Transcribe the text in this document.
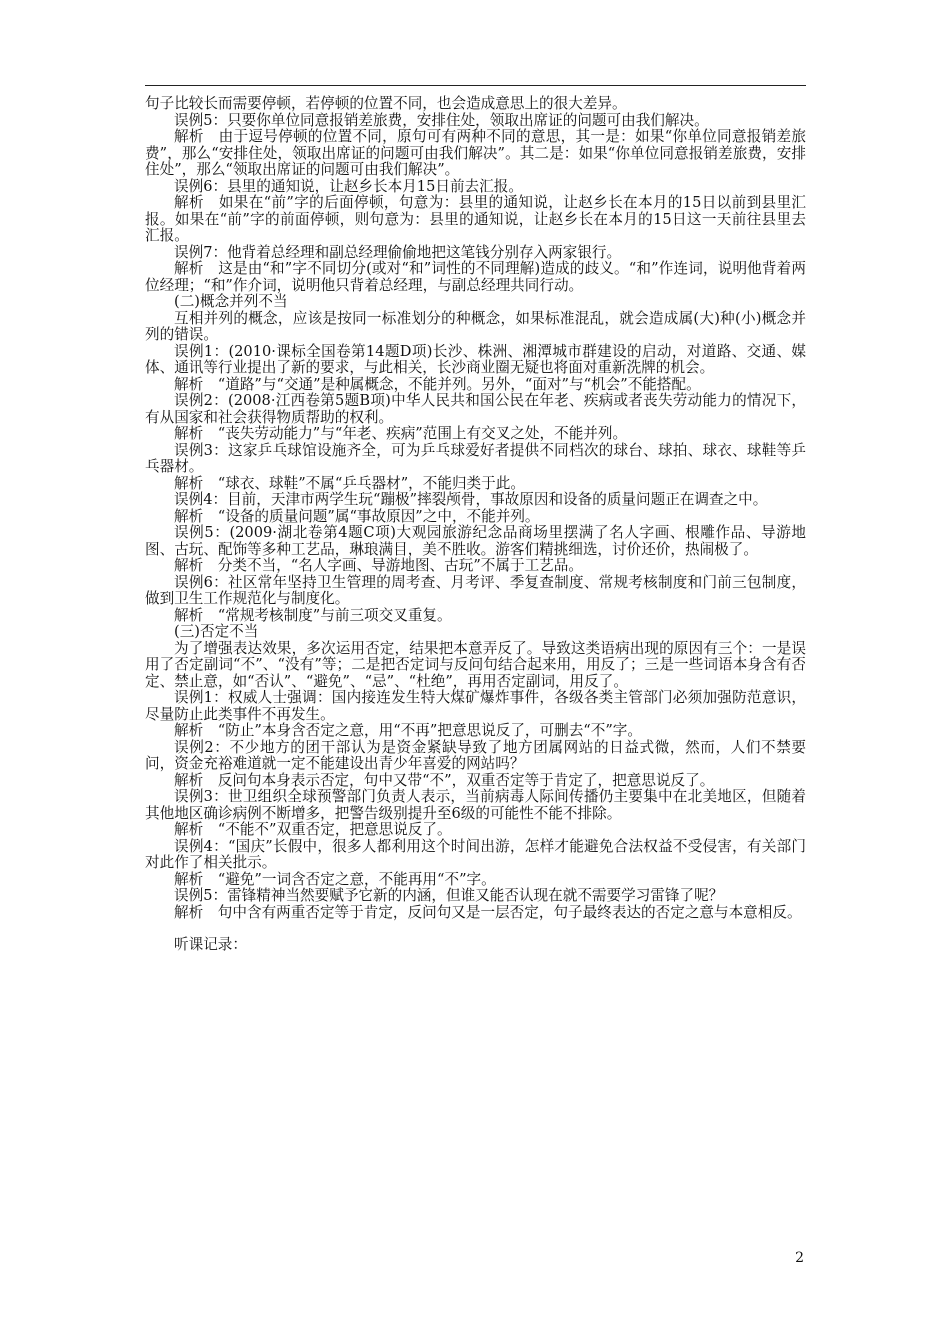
句子比较长而需要停顿，若停顿的位置不同，也会造成意思上的很大差异。

误例5：只要你单位同意报销差旅费，安排住处，领取出席证的问题可由我们解决。

解析　由于逗号停顿的位置不同，原句可有两种不同的意思，其一是：如果“你单位同意报销差旅费”，那么“安排住处，领取出席证的问题可由我们解决”。其二是：如果“你单位同意报销差旅费，安排住处”，那么“领取出席证的问题可由我们解决”。

误例6：县里的通知说，让赵乡长本月15日前去汇报。

解析　如果在“前”字的后面停顿，句意为：县里的通知说，让赵乡长在本月的15日以前到县里汇报。如果在“前”字的前面停顿，则句意为：县里的通知说，让赵乡长在本月的15日这一天前往县里去汇报。

误例7：他背着总经理和副总经理偷偷地把这笔钱分别存入两家银行。

解析　这是由“和”字不同切分(或对“和”词性的不同理解)造成的歧义。“和”作连词，说明他背着两位经理；“和”作介词，说明他只背着总经理，与副总经理共同行动。

(二)概念并列不当

互相并列的概念，应该是按同一标准划分的种概念，如果标准混乱，就会造成属(大)种(小)概念并列的错误。

误例1：(2010·课标全国卷第14题D项)长沙、株洲、湘潭城市群建设的启动，对道路、交通、媒体、通讯等行业提出了新的要求，与此相关，长沙商业圈无疑也将面对重新洗牌的机会。

解析　“道路”与“交通”是种属概念，不能并列。另外，“面对”与“机会”不能搭配。

误例2：(2008·江西卷第5题B项)中华人民共和国公民在年老、疾病或者丧失劳动能力的情况下，有从国家和社会获得物质帮助的权利。

解析　“丧失劳动能力”与“年老、疾病”范围上有交叉之处，不能并列。

误例3：这家乒乓球馆设施齐全，可为乒乓球爱好者提供不同档次的球台、球拍、球衣、球鞋等乒乓器材。

解析　“球衣、球鞋”不属“乒乓器材”，不能归类于此。

误例4：目前，天津市两学生玩“蹦极”摔裂颅骨，事故原因和设备的质量问题正在调查之中。

解析　“设备的质量问题”属“事故原因”之中，不能并列。

误例5：(2009·湖北卷第4题C项)大观园旅游纪念品商场里摆满了名人字画、根雕作品、导游地图、古玩、配饰等多种工艺品，琳琅满目，美不胜收。游客们精挑细选，讨价还价，热闹极了。

解析　分类不当，“名人字画、导游地图、古玩”不属于工艺品。

误例6：社区常年坚持卫生管理的周考查、月考评、季复查制度、常规考核制度和门前三包制度，做到卫生工作规范化与制度化。

解析　“常规考核制度”与前三项交叉重复。

(三)否定不当

为了增强表达效果，多次运用否定，结果把本意弄反了。导致这类语病出现的原因有三个：一是误用了否定副词“不”、“没有”等；二是把否定词与反问句结合起来用，用反了；三是一些词语本身含有否定、禁止意，如“否认”、“避免”、“忌”、“杜绝”，再用否定副词，用反了。

误例1：权威人士强调：国内接连发生特大煤矿爆炸事件，各级各类主管部门必须加强防范意识，尽量防止此类事件不再发生。

解析　“防止”本身含否定之意，用“不再”把意思说反了，可删去“不”字。

误例2：不少地方的团干部认为是资金紧缺导致了地方团属网站的日益式微，然而，人们不禁要问，资金充裕难道就一定不能建设出青少年喜爱的网站吗？

解析　反问句本身表示否定，句中又带“不”，双重否定等于肯定了，把意思说反了。

误例3：世卫组织全球预警部门负责人表示，当前病毒人际间传播仍主要集中在北美地区，但随着其他地区确诊病例不断增多，把警告级别提升至6级的可能性不能不排除。

解析　“不能不”双重否定，把意思说反了。

误例4：“国庆”长假中，很多人都利用这个时间出游，怎样才能避免合法权益不受侵害，有关部门对此作了相关批示。

解析　“避免”一词含否定之意，不能再用“不”字。

误例5：雷锋精神当然要赋予它新的内涵，但谁又能否认现在就不需要学习雷锋了呢？

解析　句中含有两重否定等于肯定，反问句又是一层否定，句子最终表达的否定之意与本意相反。

听课记录：

2
